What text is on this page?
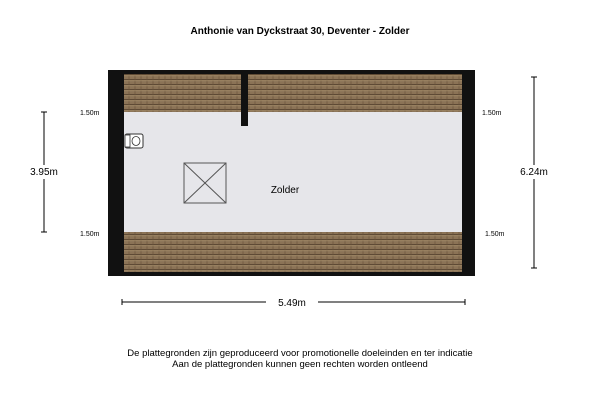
Anthonie van Dyckstraat 30, Deventer - Zolder
Zolder
1.50m
1.50m
1.50m
1.50m
3.95m	6.24m
5.49m
De plattegronden zijn geproduceerd voor promotionelle doeleinden en ter indicatie
Aan de plattegronden kunnen geen rechten worden ontleend
